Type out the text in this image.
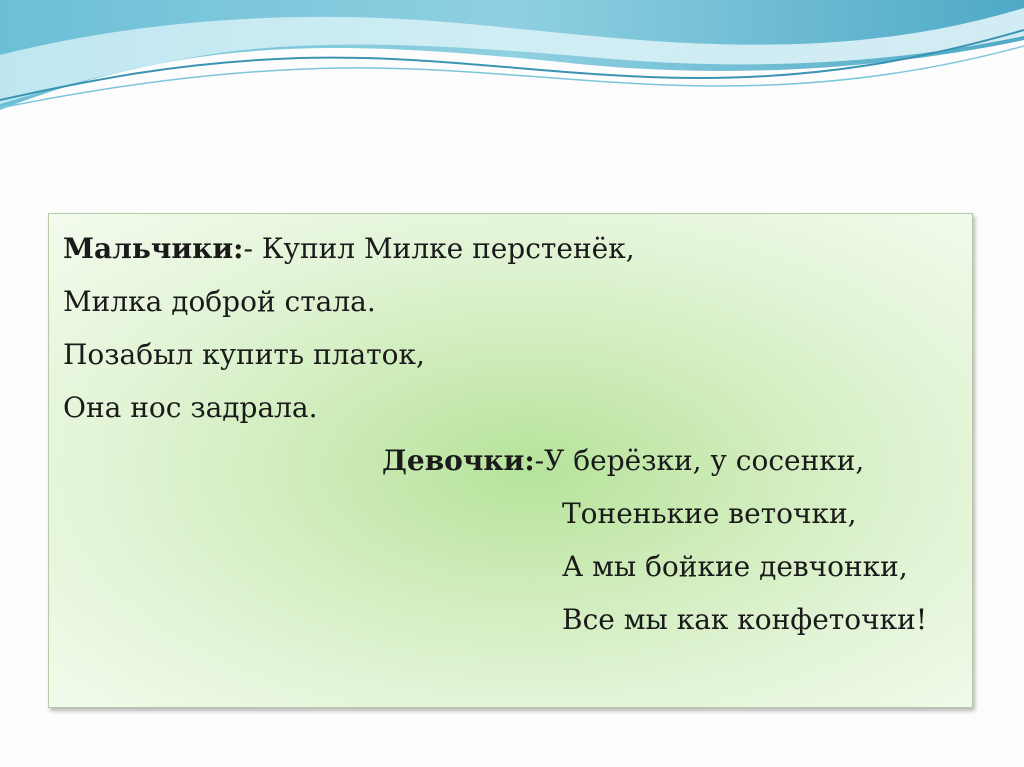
Мальчики:- Купил Милке перстенёк,
Милка доброй стала.
Позабыл купить платок,
Она нос задрала.
Девочки:-У берёзки, у сосенки,
Тоненькие веточки,
А мы бойкие девчонки,
Все мы как конфеточки!
